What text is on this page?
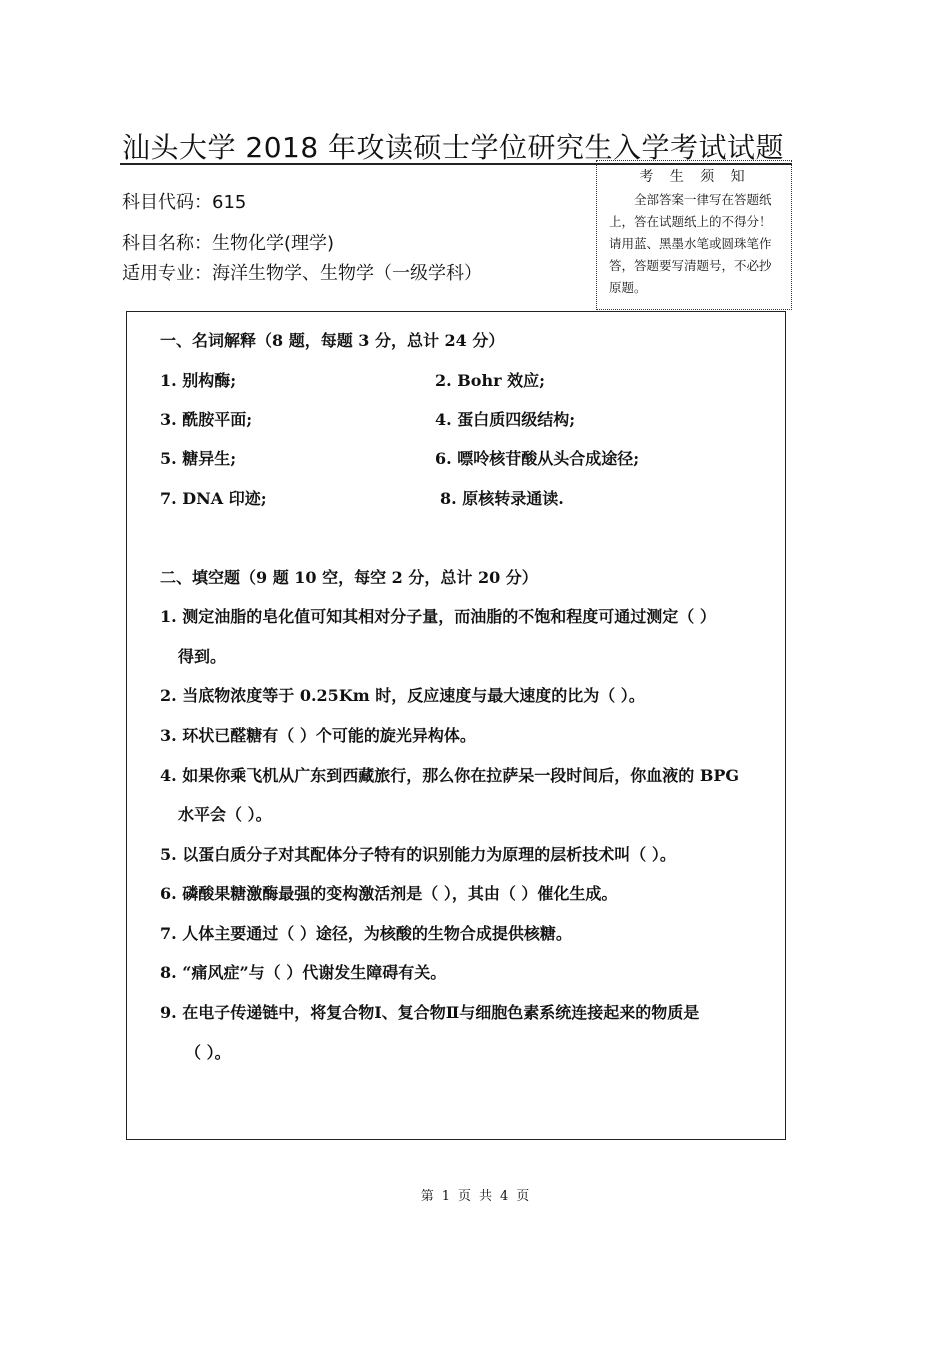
汕头大学 2018 年攻读硕士学位研究生入学考试试题
科目代码：615
科目名称：生物化学(理学)
适用专业：海洋生物学、生物学（一级学科）
考 生 须 知
全部答案一律写在答题纸上，答在试题纸上的不得分！请用蓝、黑墨水笔或圆珠笔作答，答题要写清题号，不必抄原题。
一、名词解释（8 题，每题 3 分，总计 24 分）
1. 别构酶;	2. Bohr 效应;
3. 酰胺平面;	4. 蛋白质四级结构;
5. 糖异生;	6. 嘌呤核苷酸从头合成途径;
7. DNA 印迹;	8. 原核转录通读.
二、填空题（9 题 10 空，每空 2 分，总计 20 分）
1. 测定油脂的皂化值可知其相对分子量，而油脂的不饱和程度可通过测定（ ）
得到。
2. 当底物浓度等于 0.25Km 时，反应速度与最大速度的比为（ ）。
3. 环状已醛糖有（ ）个可能的旋光异构体。
4. 如果你乘飞机从广东到西藏旅行，那么你在拉萨呆一段时间后，你血液的 BPG
水平会（ ）。
5. 以蛋白质分子对其配体分子特有的识别能力为原理的层析技术叫（ ）。
6. 磷酸果糖激酶最强的变构激活剂是（ ），其由（ ）催化生成。
7. 人体主要通过（ ）途径，为核酸的生物合成提供核糖。
8. “痛风症”与（ ）代谢发生障碍有关。
9. 在电子传递链中，将复合物Ⅰ、复合物Ⅱ与细胞色素系统连接起来的物质是
（ ）。
第 1 页 共 4 页
